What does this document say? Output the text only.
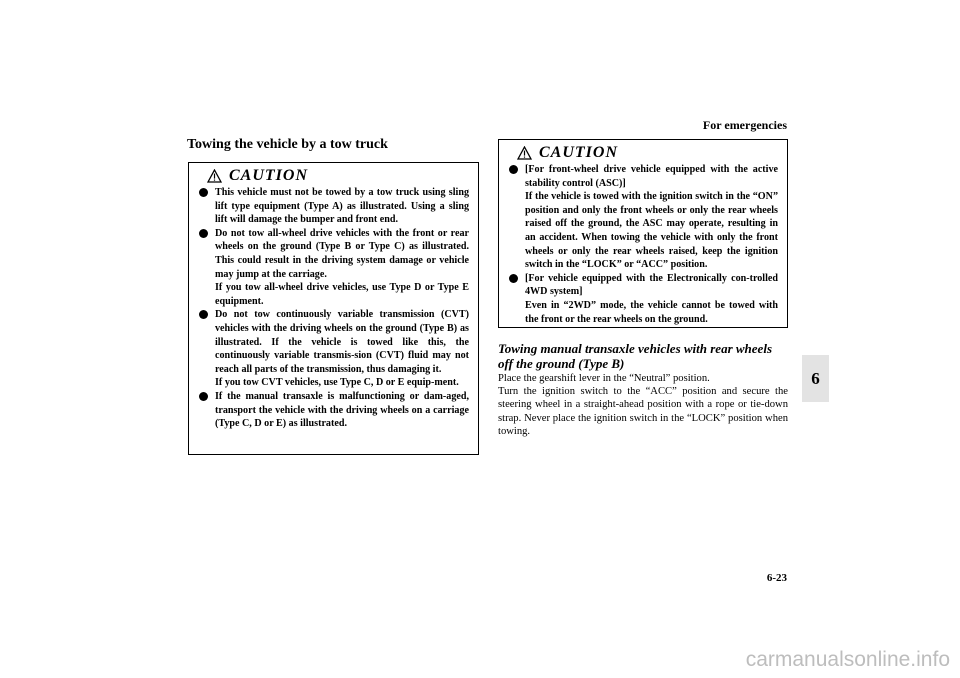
For emergencies
6
Towing the vehicle by a tow truck
CAUTION
This vehicle must not be towed by a tow truck using sling lift type equipment (Type A) as illustrated. Using a sling lift will damage the bumper and front end.
Do not tow all-wheel drive vehicles with the front or rear wheels on the ground (Type B or Type C) as illustrated. This could result in the driving system damage or vehicle may jump at the carriage.
If you tow all-wheel drive vehicles, use Type D or Type E equipment.
Do not tow continuously variable transmission (CVT) vehicles with the driving wheels on the ground (Type B) as illustrated. If the vehicle is towed like this, the continuously variable transmis-sion (CVT) fluid may not reach all parts of the transmission, thus damaging it.
If you tow CVT vehicles, use Type C, D or E equip-ment.
If the manual transaxle is malfunctioning or dam-aged, transport the vehicle with the driving wheels on a carriage (Type C, D or E) as illustrated.
CAUTION
[For front-wheel drive vehicle equipped with the active stability control (ASC)]
If the vehicle is towed with the ignition switch in the “ON” position and only the front wheels or only the rear wheels raised off the ground, the ASC may operate, resulting in an accident. When towing the vehicle with only the front wheels or only the rear wheels raised, keep the ignition switch in the “LOCK” or “ACC” position.
[For vehicle equipped with the Electronically con-trolled 4WD system]
Even in “2WD” mode, the vehicle cannot be towed with the front or the rear wheels on the ground.
Towing manual transaxle vehicles with rear wheels off the ground (Type B)

Place the gearshift lever in the “Neutral” position.

Turn the ignition switch to the “ACC” position and secure the steering wheel in a straight-ahead position with a rope or tie-down strap. Never place the ignition switch in the “LOCK” position when towing.

6-23
carmanualsonline.info
